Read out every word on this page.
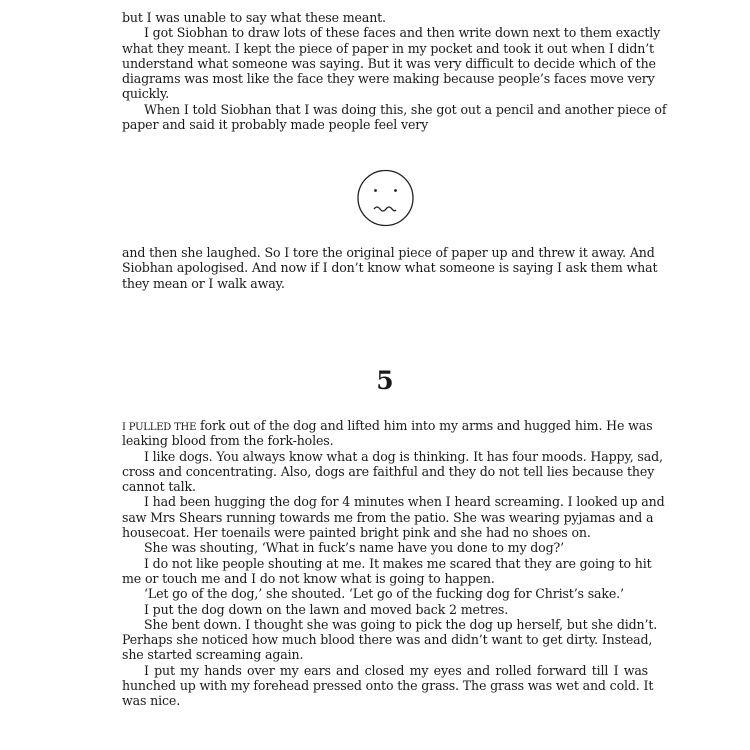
but I was unable to say what these meant.
I got Siobhan to draw lots of these faces and then write down next to them exactly
what they meant. I kept the piece of paper in my pocket and took it out when I didn’t
understand what someone was saying. But it was very difficult to decide which of the
diagrams was most like the face they were making because people’s faces move very
quickly.
When I told Siobhan that I was doing this, she got out a pencil and another piece of
paper and said it probably made people feel very
and then she laughed. So I tore the original piece of paper up and threw it away. And
Siobhan apologised. And now if I don’t know what someone is saying I ask them what
they mean or I walk away.
5
I PULLED THE fork out of the dog and lifted him into my arms and hugged him. He was
leaking blood from the fork-holes.
I like dogs. You always know what a dog is thinking. It has four moods. Happy, sad,
cross and concentrating. Also, dogs are faithful and they do not tell lies because they
cannot talk.
I had been hugging the dog for 4 minutes when I heard screaming. I looked up and
saw Mrs Shears running towards me from the patio. She was wearing pyjamas and a
housecoat. Her toenails were painted bright pink and she had no shoes on.
She was shouting, ‘What in fuck’s name have you done to my dog?’
I do not like people shouting at me. It makes me scared that they are going to hit
me or touch me and I do not know what is going to happen.
‘Let go of the dog,’ she shouted. ‘Let go of the fucking dog for Christ’s sake.’
I put the dog down on the lawn and moved back 2 metres.
She bent down. I thought she was going to pick the dog up herself, but she didn’t.
Perhaps she noticed how much blood there was and didn’t want to get dirty. Instead,
she started screaming again.
I put my hands over my ears and closed my eyes and rolled forward till I was
hunched up with my forehead pressed onto the grass. The grass was wet and cold. It
was nice.
